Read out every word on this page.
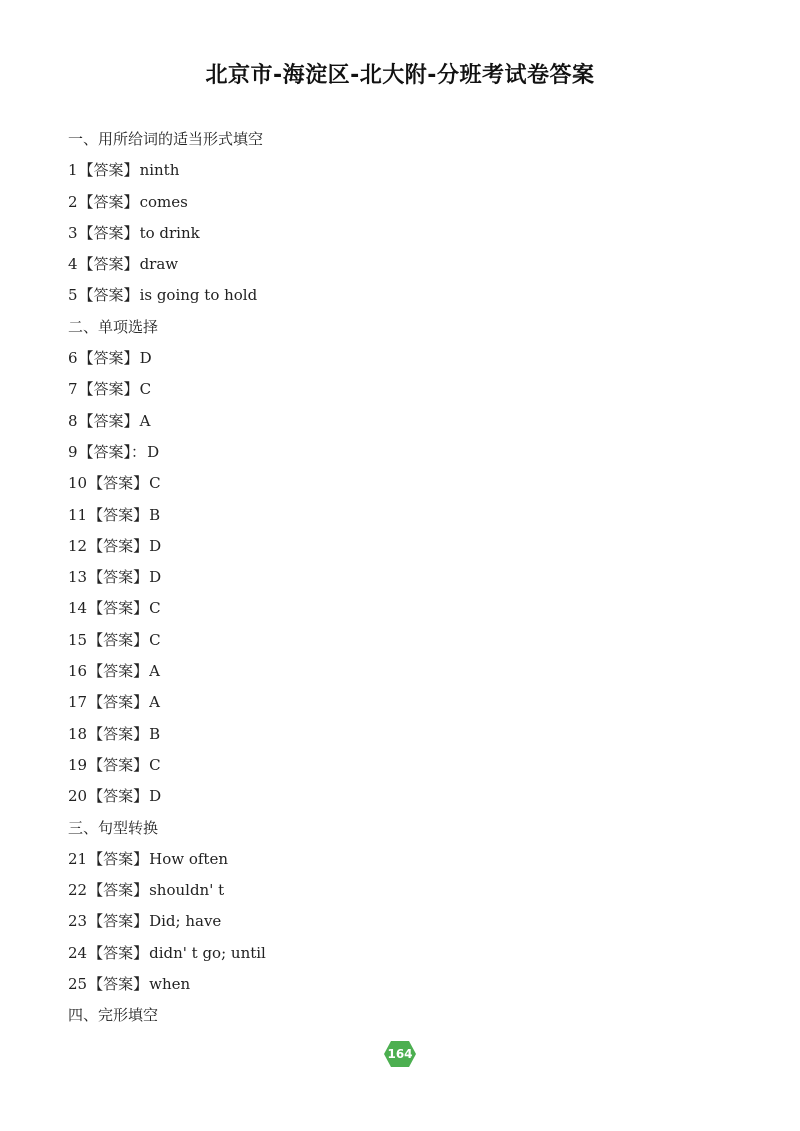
北京市-海淀区-北大附-分班考试卷答案
一、用所给词的适当形式填空
1【答案】ninth
2【答案】comes
3【答案】to drink
4【答案】draw
5【答案】is going to hold
二、单项选择
6【答案】D
7【答案】C
8【答案】A
9【答案】：D
10【答案】C
11【答案】B
12【答案】D
13【答案】D
14【答案】C
15【答案】C
16【答案】A
17【答案】A
18【答案】B
19【答案】C
20【答案】D
三、句型转换
21【答案】How often
22【答案】shouldn' t
23【答案】Did; have
24【答案】didn' t go; until
25【答案】when
四、完形填空
164
